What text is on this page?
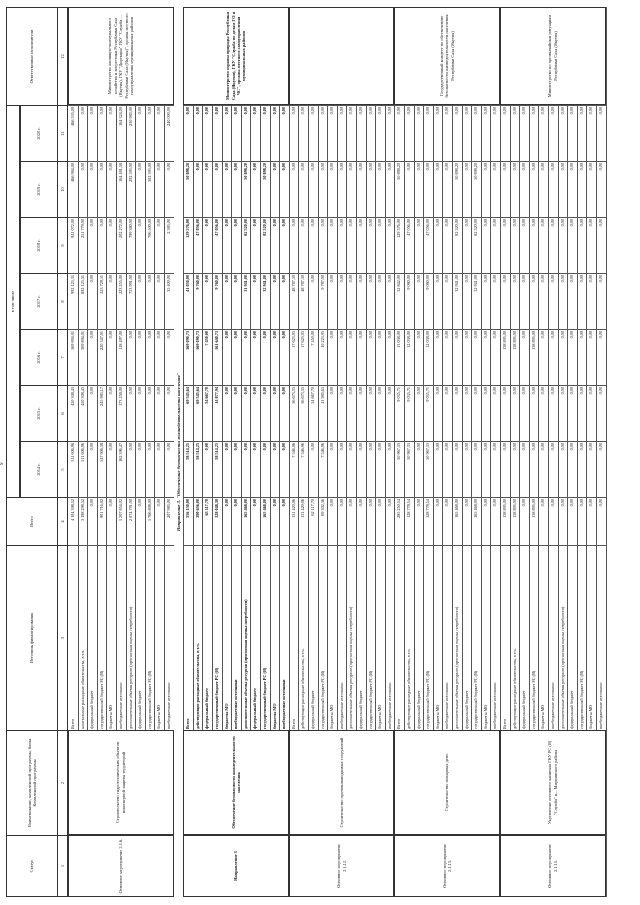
9
Статус
Наименование, комплексной программы, блока Комплексной программы
Источник финансирования
Всего
в том числе
Ответственные исполнители
2014 г.
2015 г.
2016 г.
2017 г.
2018 г.
2019 г.
2020 г.
1
2
3
4
5
6
7
8
9
10
11
12
Всего
4 104 398,52
511 606,96
450 308,43
569 894,01
992 123,31
941 072,00
466 984,00
466 535,00
капитальные расходные обязательства, в т.ч.
3 198 298,52
511 606,96
450 308,43
569 894,01
892 123,31
251 779,00
0,00
0,00
федеральный бюджет
0,00
0,00
0,00
0,00
0,00
0,00
0,00
0,00
государственный бюджет РС (Я)
901 716,02
547 906,38
245 983,17
220 347,01
223 729,11
0,00
0,00
0,00
бюджеты МО
0,00
0,00
0,00
0,00
0,00
0,00
0,00
0,00
внебюджетные источники
1 207 854,02
162 396,47
173 258,00
118 497,00
223 255,00
202 272,00
164 481,58
164 324,00
дополнительные объемы ресурсов (прогнозная оценка потребности)
2 074 791,00
0,00
0,00
0,00
733 991,00
799 380,00
292 593,00
250 983,00
федеральный бюджет
0,00
0,00
0,00
0,00
0,00
0,00
0,00
0,00
государственный бюджет РС (Я)
1 766 808,00
0,00
0,00
0,00
0,00
706 500,00
302 593,00
0,00
бюджеты МО
0,00
0,00
0,00
0,00
0,00
0,00
0,00
0,00
внебюджетные источники
207 983,00
0,00
0,00
0,00
35 400,00
2 583,00
0,00
240 000,00
Основное мероприятие 2.1.6.
Строительство гидротехнических объектов инженерной защиты территорий
Министерство жилищно-коммунального хозяйства и энергетики Республики Саха (Якутия), ГКУ "Дирекция" ГКУ "Служба ... Республики Саха (Якутия)", органы местного самоуправления муниципальных районов
Направление 3. "Обеспечение безопасности жизнедеятельности населения"
Всего
556 150,00
58 514,25
69 545,64
169 090,73
41 050,00
129 576,00
50 898,20
0,00
действующие расходные обязательства, в т.ч.
390 656,00
58 514,25
69 545,64
169 090,73
9 760,00
47 056,00
0,00
0,00
федеральный бюджет
63 117,70
0,00
54 667,70
7 450,00
0,00
0,00
0,00
0,00
государственный бюджет РС (Я)
328 048,30
58 514,25
14 877,94
161 640,73
9 760,00
47 056,00
0,00
0,00
бюджеты МО
0,00
0,00
0,00
0,00
0,00
0,00
0,00
0,00
внебюджетные источники
0,00
0,00
0,00
0,00
0,00
0,00
0,00
0,00
дополнительные объемы ресурсов (прогнозная оценка потребности)
165 468,00
0,00
0,00
0,00
31 941,00
82 520,00
50 898,20
0,00
федеральный бюджет
0,00
0,00
0,00
0,00
0,00
0,00
0,00
0,00
государственный бюджет РС (Я)
165 468,00
0,00
0,00
0,00
32 941,00
82 520,00
50 898,20
0,00
бюджеты МО
0,00
0,00
0,00
0,00
0,00
0,00
0,00
0,00
внебюджетные источники
0,00
0,00
0,00
0,00
0,00
0,00
0,00
0,00
Направление 3
Обеспечение безопасности жизнедеятельности населения
Министерство охраны природы Республики Саха (Якутия), ГКУ "Служба по делам ГО и ЧС", органы местного самоуправления муниципальных районов
Всего
131 420,06
7 546,96
56 673,35
17 623,95
48 787,30
0,00
0,00
0,00
действующие расходные обязательства, в т.ч.
131 420,06
7 546,96
56 673,35
17 623,95
48 787,30
0,00
0,00
0,00
федеральный бюджет
62 117,70
0,00
54 667,70
7 450,00
0,00
0,00
0,00
0,00
государственный бюджет РС (Я)
69 302,36
7 546,96
41 985,65
10 223,95
9 787,00
0,00
0,00
0,00
бюджеты МО
0,00
0,00
0,00
0,00
0,00
0,00
0,00
0,00
внебюджетные источники
0,00
0,00
0,00
0,00
0,00
0,00
0,00
0,00
дополнительные объемы ресурсов (прогнозная оценка потребности)
0,00
0,00
0,00
0,00
0,00
0,00
0,00
0,00
федеральный бюджет
0,00
0,00
0,00
0,00
0,00
0,00
0,00
0,00
государственный бюджет РС (Я)
0,00
0,00
0,00
0,00
0,00
0,00
0,00
0,00
бюджеты МО
0,00
0,00
0,00
0,00
0,00
0,00
0,00
0,00
внебюджетные источники
0,00
0,00
0,00
0,00
0,00
0,00
0,00
0,00
Основное мероприятие 2.1.12.
Строительство противопаводковых сооружений
Всего
285 250,54
50 967,33
9 035,71
13 038,00
32 842,00
129 576,00
50 898,20
0,00
действующие расходные обязательства, в т.ч.
128 778,54
50 967,33
9 035,71
12 038,00
9 080,00
47 056,00
0,00
0,00
федеральный бюджет
0,00
0,00
0,00
0,00
0,00
0,00
0,00
0,00
государственный бюджет РС (Я)
128 778,54
50 967,33
9 035,71
12 038,00
9 080,00
47 056,00
0,00
0,00
бюджеты МО
0,00
0,00
0,00
0,00
0,00
0,00
0,00
0,00
внебюджетные источники
0,00
0,00
0,00
0,00
0,00
0,00
0,00
0,00
дополнительные объемы ресурсов (прогнозная оценка потребности)
165 468,00
0,00
0,00
0,00
32 941,00
82 520,00
50 898,20
0,00
федеральный бюджет
0,00
0,00
0,00
0,00
0,00
0,00
0,00
0,00
государственный бюджет РС (Я)
165 468,00
0,00
0,00
0,00
32 941,00
82 520,00
50 898,20
0,00
бюджеты МО
0,00
0,00
0,00
0,00
0,00
0,00
0,00
0,00
внебюджетные источники
0,00
0,00
0,00
0,00
0,00
0,00
0,00
0,00
Основное мероприятие 2.1.13.
Строительство пожарных депо
Государственный комитет по обеспечению безопасности жизнедеятельности населения Республики Саха (Якутия)
Всего
138 895,00
0,00
0,00
138 895,00
0,00
0,00
0,00
0,00
действующие расходные обязательства, в т.ч.
138 895,00
0,00
0,00
138 895,00
0,00
0,00
0,00
0,00
федеральный бюджет
0,00
0,00
0,00
0,00
0,00
0,00
0,00
0,00
государственный бюджет РС (Я)
138 895,00
0,00
0,00
138 895,00
0,00
0,00
0,00
0,00
бюджеты МО
0,00
0,00
0,00
0,00
0,00
0,00
0,00
0,00
внебюджетные источники
0,00
0,00
0,00
0,00
0,00
0,00
0,00
0,00
дополнительные объемы ресурсов (прогнозная оценка потребности)
0,00
0,00
0,00
0,00
0,00
0,00
0,00
0,00
федеральный бюджет
0,00
0,00
0,00
0,00
0,00
0,00
0,00
0,00
государственный бюджет РС (Я)
0,00
0,00
0,00
0,00
0,00
0,00
0,00
0,00
бюджеты МО
0,00
0,00
0,00
0,00
0,00
0,00
0,00
0,00
внебюджетные источники
0,00
0,00
0,00
0,00
0,00
0,00
0,00
0,00
Основное мероприятие 2.1.15.
Укрепление основного капитала ГКУ РС (Я) "Служба" и... Мирнинского района
Министерство по чрезвычайным ситуациям Республики Саха (Якутия)
